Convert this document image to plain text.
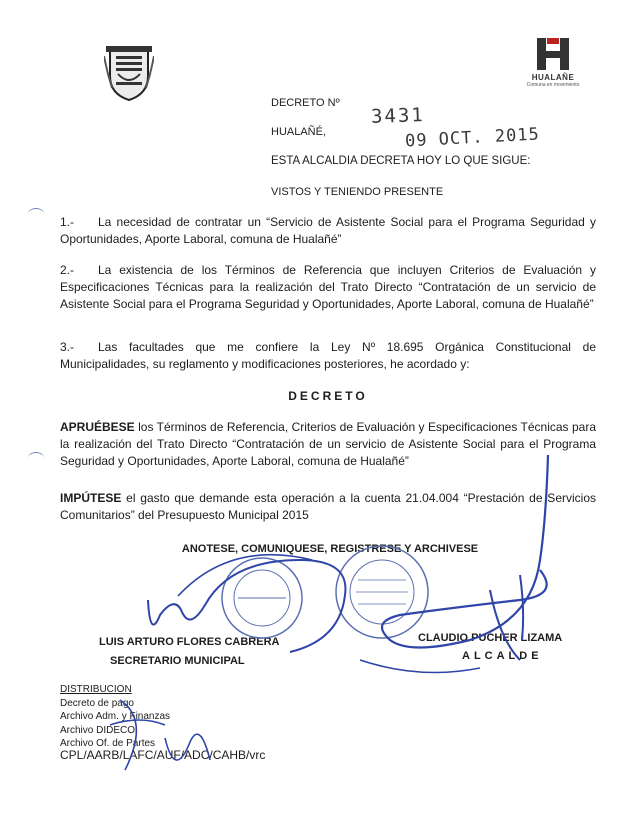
HUALAÑE
Comuna en movimiento
DECRETO Nº
HUALAÑÉ,
3431
09 OCT. 2015
ESTA ALCALDIA DECRETA HOY LO QUE SIGUE:
VISTOS Y TENIENDO PRESENTE
1.- La necesidad de contratar un “Servicio de Asistente Social para el Programa Seguridad y Oportunidades, Aporte Laboral, comuna de Hualañé”
2.- La existencia de los Términos de Referencia que incluyen Criterios de Evaluación y Especificaciones Técnicas para la realización del Trato Directo “Contratación de un servicio de Asistente Social para el Programa Seguridad y Oportunidades, Aporte Laboral, comuna de Hualañé”
3.- Las facultades que me confiere la Ley Nº 18.695 Orgánica Constitucional de Municipalidades, su reglamento y modificaciones posteriores, he acordado y:
DECRETO
APRUÉBESE los Términos de Referencia, Criterios de Evaluación y Especificaciones Técnicas para la realización del Trato Directo “Contratación de un servicio de Asistente Social para el Programa Seguridad y Oportunidades, Aporte Laboral, comuna de Hualañé”
IMPÚTESE el gasto que demande esta operación a la cuenta 21.04.004 “Prestación de Servicios Comunitarios” del Presupuesto Municipal 2015
ANOTESE, COMUNIQUESE, REGISTRESE Y ARCHIVESE
LUIS ARTURO FLORES CABRERA
SECRETARIO MUNICIPAL
CLAUDIO PUCHER LIZAMA
ALCALDE
DISTRIBUCION
Decreto de pago
Archivo Adm. y Finanzas
Archivo DIDECO
Archivo Of. de Partes
CPL/AARB/LAFC/AUF/ADC/CAHB/vrc
